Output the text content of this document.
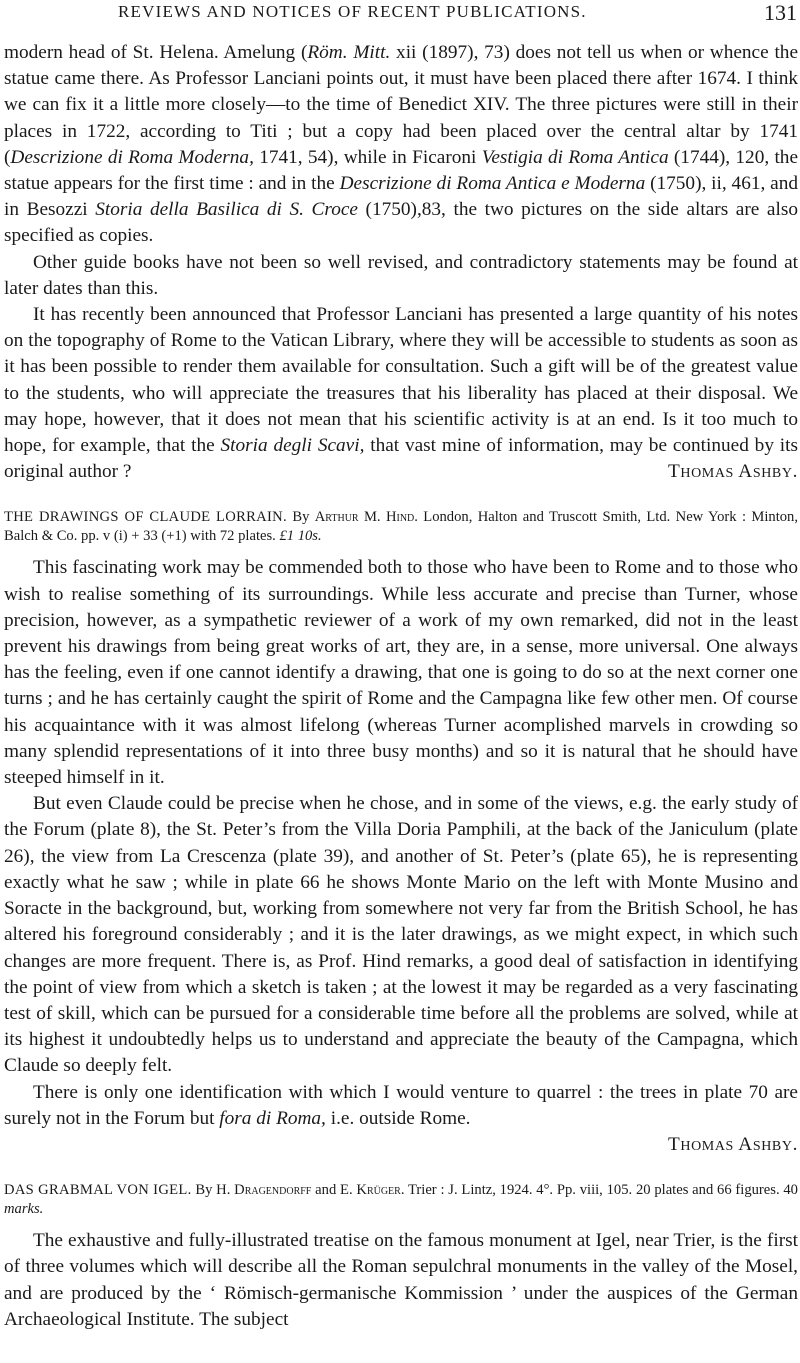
REVIEWS AND NOTICES OF RECENT PUBLICATIONS.	131

modern head of St. Helena. Amelung (Röm. Mitt. xii (1897), 73) does not tell us when or whence the statue came there. As Professor Lanciani points out, it must have been placed there after 1674. I think we can fix it a little more closely—to the time of Benedict XIV. The three pictures were still in their places in 1722, according to Titi ; but a copy had been placed over the central altar by 1741 (Descrizione di Roma Moderna, 1741, 54), while in Ficaroni Vestigia di Roma Antica (1744), 120, the statue appears for the first time : and in the Descrizione di Roma Antica e Moderna (1750), ii, 461, and in Besozzi Storia della Basilica di S. Croce (1750),83, the two pictures on the side altars are also specified as copies.

Other guide books have not been so well revised, and contradictory statements may be found at later dates than this.

It has recently been announced that Professor Lanciani has presented a large quantity of his notes on the topography of Rome to the Vatican Library, where they will be accessible to students as soon as it has been possible to render them available for consultation. Such a gift will be of the greatest value to the students, who will appreciate the treasures that his liberality has placed at their disposal. We may hope, however, that it does not mean that his scientific activity is at an end. Is it too much to hope, for example, that the Storia degli Scavi, that vast mine of information, may be continued by its original author ?	Thomas Ashby.

THE DRAWINGS OF CLAUDE LORRAIN. By Arthur M. Hind. London, Halton and Truscott Smith, Ltd. New York : Minton, Balch & Co. pp. v (i) + 33 (+1) with 72 plates. £1 10s.

This fascinating work may be commended both to those who have been to Rome and to those who wish to realise something of its surroundings. While less accurate and precise than Turner, whose precision, however, as a sympathetic reviewer of a work of my own remarked, did not in the least prevent his drawings from being great works of art, they are, in a sense, more universal. One always has the feeling, even if one cannot identify a drawing, that one is going to do so at the next corner one turns ; and he has certainly caught the spirit of Rome and the Campagna like few other men. Of course his acquaintance with it was almost lifelong (whereas Turner acomplished marvels in crowding so many splendid representations of it into three busy months) and so it is natural that he should have steeped himself in it.

But even Claude could be precise when he chose, and in some of the views, e.g. the early study of the Forum (plate 8), the St. Peter’s from the Villa Doria Pamphili, at the back of the Janiculum (plate 26), the view from La Crescenza (plate 39), and another of St. Peter’s (plate 65), he is representing exactly what he saw ; while in plate 66 he shows Monte Mario on the left with Monte Musino and Soracte in the background, but, working from somewhere not very far from the British School, he has altered his foreground considerably ; and it is the later drawings, as we might expect, in which such changes are more frequent. There is, as Prof. Hind remarks, a good deal of satisfaction in identifying the point of view from which a sketch is taken ; at the lowest it may be regarded as a very fascinating test of skill, which can be pursued for a considerable time before all the problems are solved, while at its highest it undoubtedly helps us to understand and appreciate the beauty of the Campagna, which Claude so deeply felt.

There is only one identification with which I would venture to quarrel : the trees in plate 70 are surely not in the Forum but fora di Roma, i.e. outside Rome.

Thomas Ashby.
DAS GRABMAL VON IGEL. By H. Dragendorff and E. Krüger. Trier : J. Lintz, 1924. 4°. Pp. viii, 105. 20 plates and 66 figures. 40 marks.

The exhaustive and fully-illustrated treatise on the famous monument at Igel, near Trier, is the first of three volumes which will describe all the Roman sepulchral monuments in the valley of the Mosel, and are produced by the ‘ Römisch-germanische Kommission ’ under the auspices of the German Archaeological Institute. The subject
